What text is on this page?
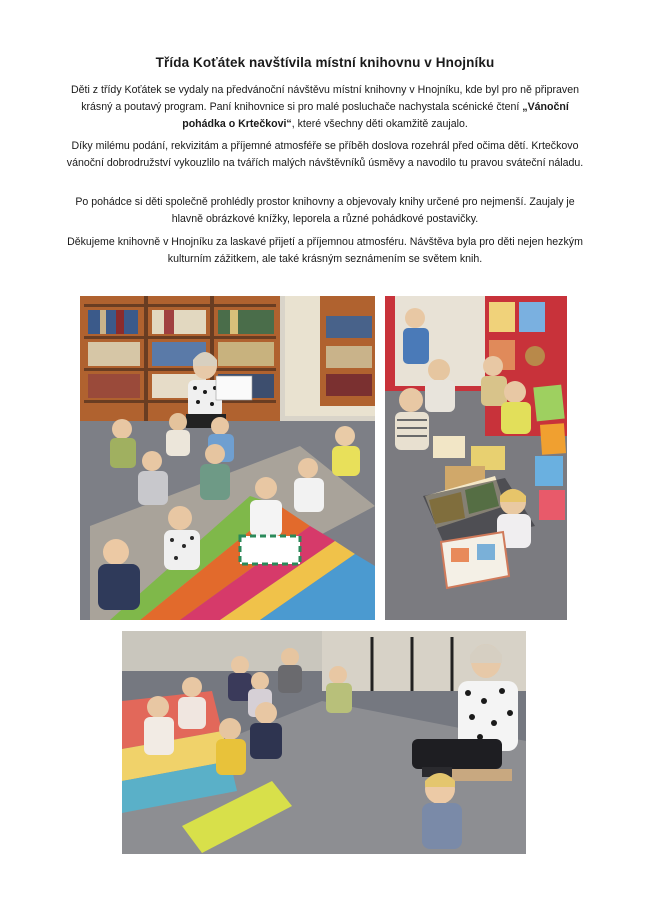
Třída Koťátek navštívila místní knihovnu v Hnojníku

Děti z třídy Koťátek se vydaly na předvánoční návštěvu místní knihovny v Hnojníku, kde byl pro ně připraven krásný a poutavý program. Paní knihovnice si pro malé posluchače nachystala scénické čtení „Vánoční pohádka o Krtečkovi“, které všechny děti okamžitě zaujalo.

Díky milému podání, rekvizitám a příjemné atmosféře se příběh doslova rozehrál před očima dětí. Krtečkovo vánoční dobrodružství vykouzlilo na tvářích malých návštěvníků úsměvy a navodilo tu pravou sváteční náladu.

Po pohádce si děti společně prohlédly prostor knihovny a objevovaly knihy určené pro nejmenší. Zaujaly je hlavně obrázkové knížky, leporela a různé pohádkové postavičky.

Děkujeme knihovně v Hnojníku za laskavé přijetí a příjemnou atmosféru. Návštěva byla pro děti nejen hezkým kulturním zážitkem, ale také krásným seznámením se světem knih.
